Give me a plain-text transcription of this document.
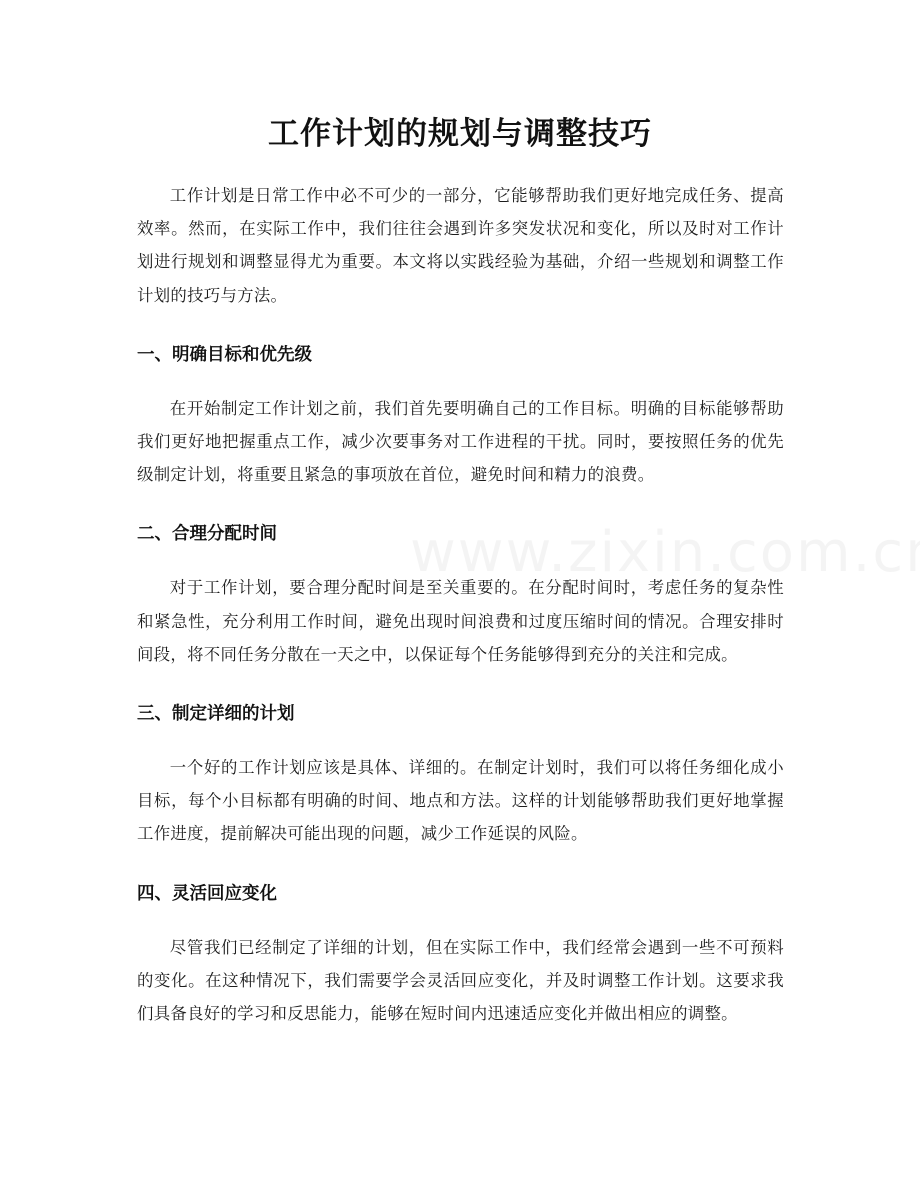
工作计划的规划与调整技巧

工作计划是日常工作中必不可少的一部分，它能够帮助我们更好地完成任务、提高效率。然而，在实际工作中，我们往往会遇到许多突发状况和变化，所以及时对工作计划进行规划和调整显得尤为重要。本文将以实践经验为基础，介绍一些规划和调整工作计划的技巧与方法。

一、明确目标和优先级

在开始制定工作计划之前，我们首先要明确自己的工作目标。明确的目标能够帮助我们更好地把握重点工作，减少次要事务对工作进程的干扰。同时，要按照任务的优先级制定计划，将重要且紧急的事项放在首位，避免时间和精力的浪费。

二、合理分配时间

对于工作计划，要合理分配时间是至关重要的。在分配时间时，考虑任务的复杂性和紧急性，充分利用工作时间，避免出现时间浪费和过度压缩时间的情况。合理安排时间段，将不同任务分散在一天之中，以保证每个任务能够得到充分的关注和完成。

三、制定详细的计划

一个好的工作计划应该是具体、详细的。在制定计划时，我们可以将任务细化成小目标，每个小目标都有明确的时间、地点和方法。这样的计划能够帮助我们更好地掌握工作进度，提前解决可能出现的问题，减少工作延误的风险。

四、灵活回应变化

尽管我们已经制定了详细的计划，但在实际工作中，我们经常会遇到一些不可预料的变化。在这种情况下，我们需要学会灵活回应变化，并及时调整工作计划。这要求我们具备良好的学习和反思能力，能够在短时间内迅速适应变化并做出相应的调整。
